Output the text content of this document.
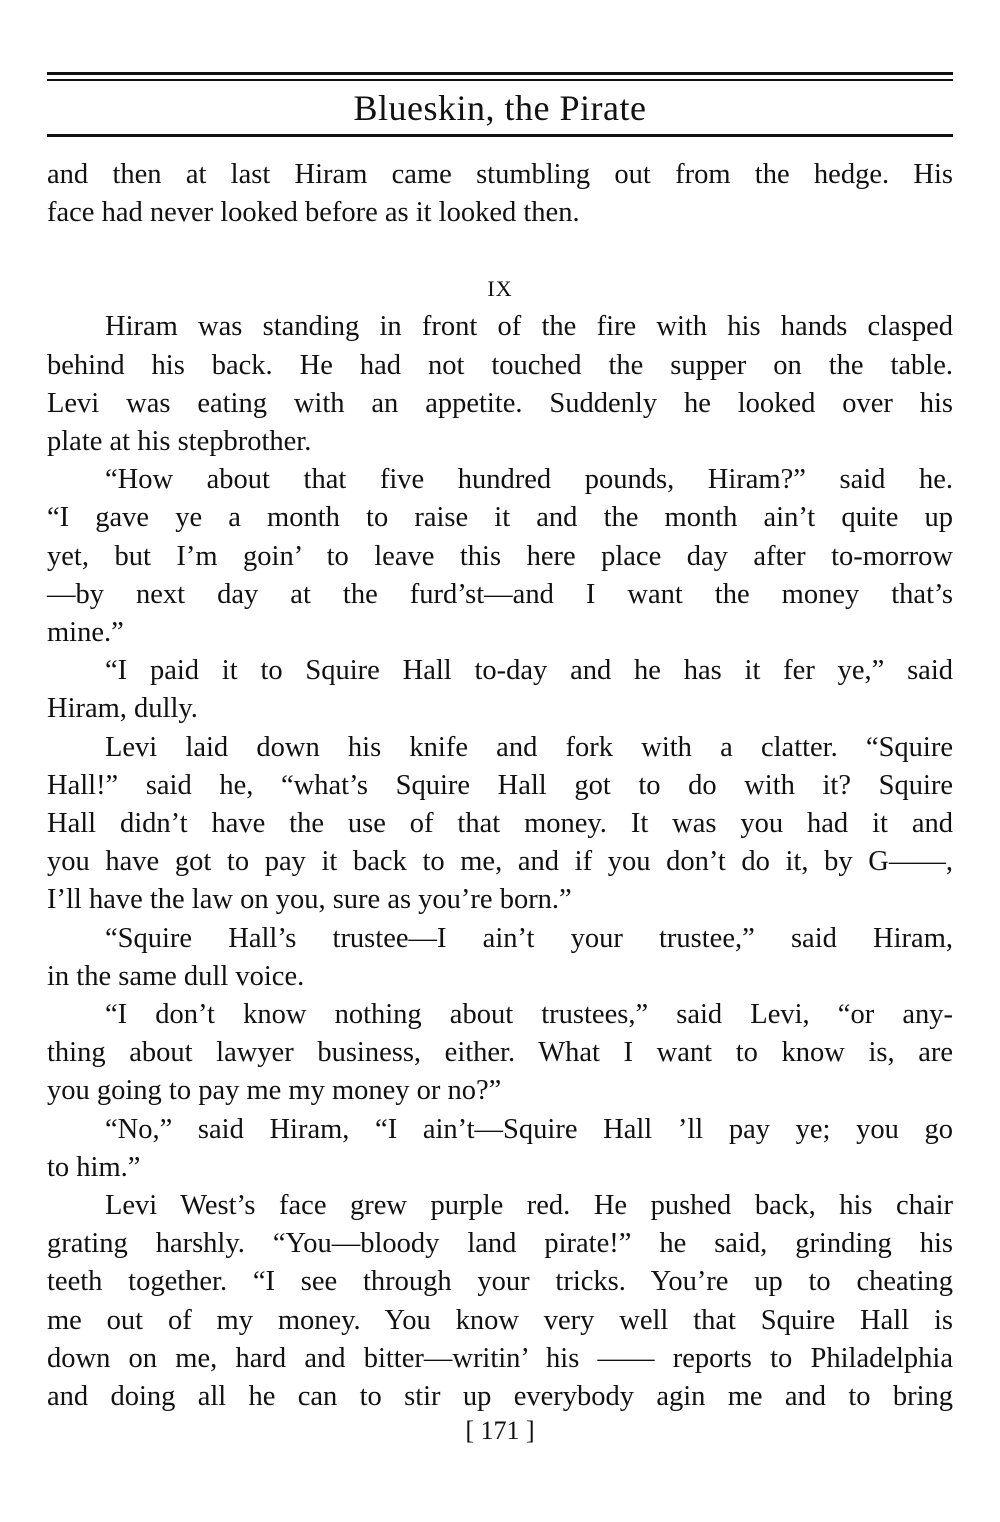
Blueskin, the Pirate

and then at last Hiram came stumbling out from the hedge. His
face had never looked before as it looked then.

IX

Hiram was standing in front of the fire with his hands clasped
behind his back. He had not touched the supper on the table.
Levi was eating with an appetite. Suddenly he looked over his
plate at his stepbrother.

“How about that five hundred pounds, Hiram?” said he.
“I gave ye a month to raise it and the month ain’t quite up
yet, but I’m goin’ to leave this here place day after to-morrow
—by next day at the furd’st—and I want the money that’s
mine.”

“I paid it to Squire Hall to-day and he has it fer ye,” said
Hiram, dully.

Levi laid down his knife and fork with a clatter. “Squire
Hall!” said he, “what’s Squire Hall got to do with it? Squire
Hall didn’t have the use of that money. It was you had it and
you have got to pay it back to me, and if you don’t do it, by G——,
I’ll have the law on you, sure as you’re born.”

“Squire Hall’s trustee—I ain’t your trustee,” said Hiram,
in the same dull voice.

“I don’t know nothing about trustees,” said Levi, “or any-
thing about lawyer business, either. What I want to know is, are
you going to pay me my money or no?”

“No,” said Hiram, “I ain’t—Squire Hall ’ll pay ye; you go
to him.”

Levi West’s face grew purple red. He pushed back, his chair
grating harshly. “You—bloody land pirate!” he said, grinding his
teeth together. “I see through your tricks. You’re up to cheating
me out of my money. You know very well that Squire Hall is
down on me, hard and bitter—writin’ his —— reports to Philadelphia
and doing all he can to stir up everybody agin me and to bring

[ 171 ]
